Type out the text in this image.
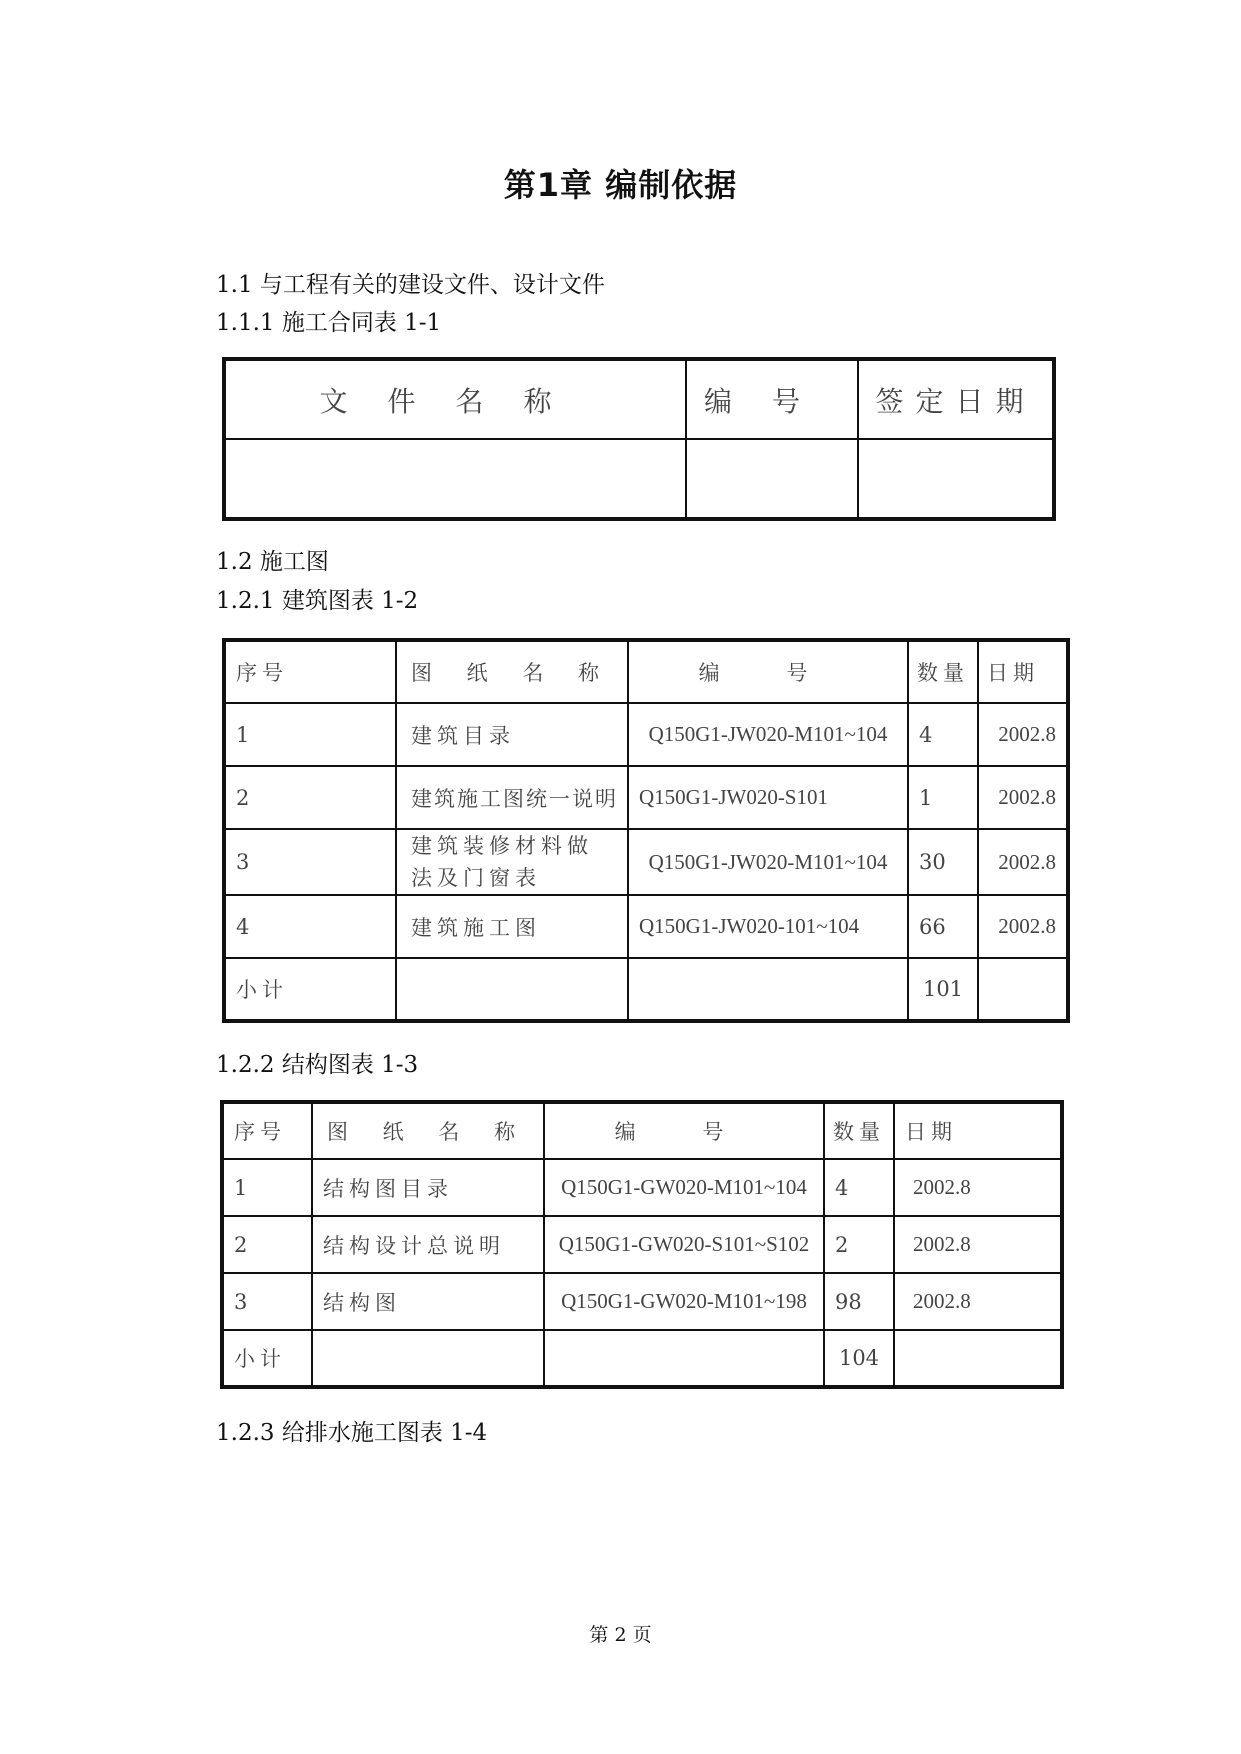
第1章 编制依据
1.1 与工程有关的建设文件、设计文件
1.1.1 施工合同表 1-1
文件名称	编号	签定日期

1.2 施工图
1.2.1 建筑图表 1-2
序号	图 纸 名 称	编 号	数量	日期
1	建筑目录	Q150G1-JW020-M101~104	4	2002.8
2	建筑施工图统一说明	Q150G1-JW020-S101	1	2002.8
3	建筑装修材料做法及门窗表	Q150G1-JW020-M101~104	30	2002.8
4	建筑施工图	Q150G1-JW020-101~104	66	2002.8
小计			101	
1.2.2 结构图表 1-3
序号	图 纸 名 称	编 号	数量	日期
1	结构图目录	Q150G1-GW020-M101~104	4	2002.8
2	结构设计总说明	Q150G1-GW020-S101~S102	2	2002.8
3	结构图	Q150G1-GW020-M101~198	98	2002.8
小计			104	
1.2.3 给排水施工图表 1-4
第 2 页
